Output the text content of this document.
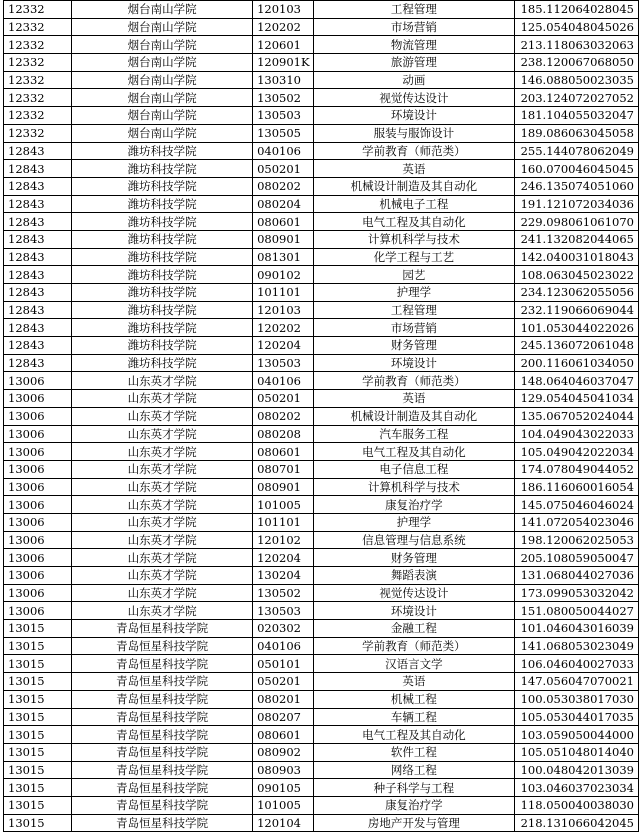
12332	烟台南山学院	120103	工程管理	185.112064028045
12332	烟台南山学院	120202	市场营销	125.054048045026
12332	烟台南山学院	120601	物流管理	213.118063032063
12332	烟台南山学院	120901K	旅游管理	238.120067068050
12332	烟台南山学院	130310	动画	146.088050023035
12332	烟台南山学院	130502	视觉传达设计	203.124072027052
12332	烟台南山学院	130503	环境设计	181.104055032047
12332	烟台南山学院	130505	服装与服饰设计	189.086063045058
12843	潍坊科技学院	040106	学前教育（师范类）	255.144078062049
12843	潍坊科技学院	050201	英语	160.070046045045
12843	潍坊科技学院	080202	机械设计制造及其自动化	246.135074051060
12843	潍坊科技学院	080204	机械电子工程	191.121072034036
12843	潍坊科技学院	080601	电气工程及其自动化	229.098061061070
12843	潍坊科技学院	080901	计算机科学与技术	241.132082044065
12843	潍坊科技学院	081301	化学工程与工艺	142.040031018043
12843	潍坊科技学院	090102	园艺	108.063045023022
12843	潍坊科技学院	101101	护理学	234.123062055056
12843	潍坊科技学院	120103	工程管理	232.119066069044
12843	潍坊科技学院	120202	市场营销	101.053044022026
12843	潍坊科技学院	120204	财务管理	245.136072061048
12843	潍坊科技学院	130503	环境设计	200.116061034050
13006	山东英才学院	040106	学前教育（师范类）	148.064046037047
13006	山东英才学院	050201	英语	129.054045041034
13006	山东英才学院	080202	机械设计制造及其自动化	135.067052024044
13006	山东英才学院	080208	汽车服务工程	104.049043022033
13006	山东英才学院	080601	电气工程及其自动化	105.049042022034
13006	山东英才学院	080701	电子信息工程	174.078049044052
13006	山东英才学院	080901	计算机科学与技术	186.116060016054
13006	山东英才学院	101005	康复治疗学	145.075046046024
13006	山东英才学院	101101	护理学	141.072054023046
13006	山东英才学院	120102	信息管理与信息系统	198.120062025053
13006	山东英才学院	120204	财务管理	205.108059050047
13006	山东英才学院	130204	舞蹈表演	131.068044027036
13006	山东英才学院	130502	视觉传达设计	173.099053032042
13006	山东英才学院	130503	环境设计	151.080050044027
13015	青岛恒星科技学院	020302	金融工程	101.046043016039
13015	青岛恒星科技学院	040106	学前教育（师范类）	141.068053023049
13015	青岛恒星科技学院	050101	汉语言文学	106.046040027033
13015	青岛恒星科技学院	050201	英语	147.056047070021
13015	青岛恒星科技学院	080201	机械工程	100.053038017030
13015	青岛恒星科技学院	080207	车辆工程	105.053044017035
13015	青岛恒星科技学院	080601	电气工程及其自动化	103.059050044000
13015	青岛恒星科技学院	080902	软件工程	105.051048014040
13015	青岛恒星科技学院	080903	网络工程	100.048042013039
13015	青岛恒星科技学院	090105	种子科学与工程	103.046037023034
13015	青岛恒星科技学院	101005	康复治疗学	118.050040038030
13015	青岛恒星科技学院	120104	房地产开发与管理	218.131066042045
